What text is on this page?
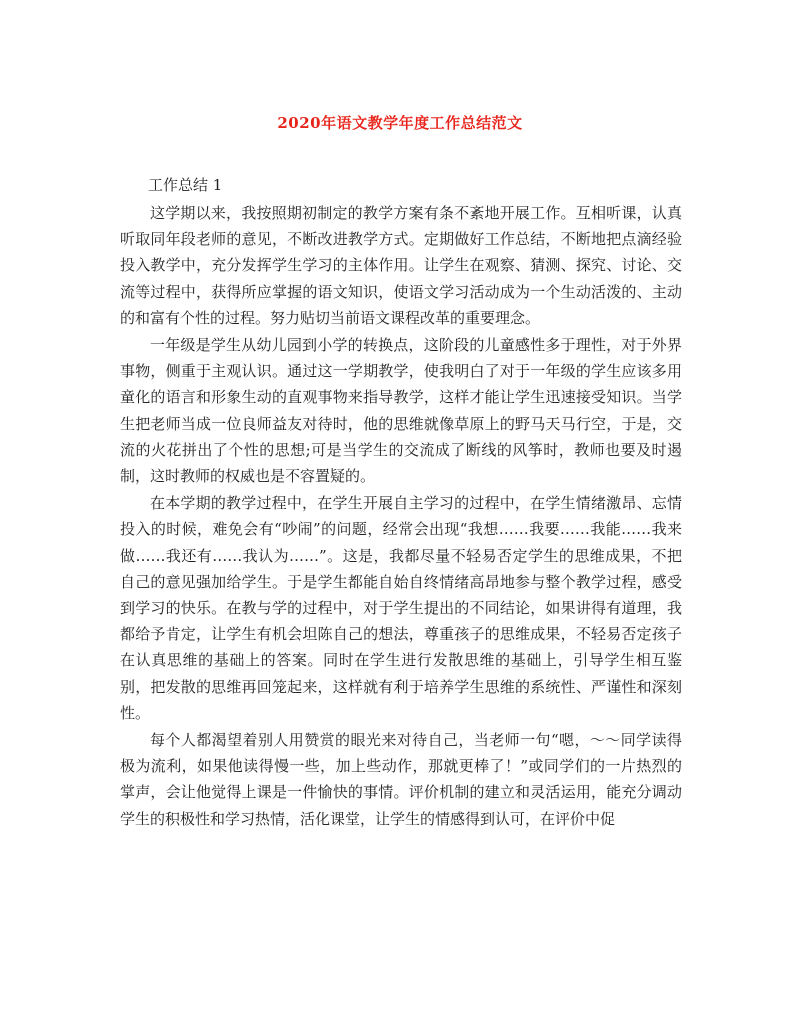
2020年语文教学年度工作总结范文
工作总结 1

这学期以来，我按照期初制定的教学方案有条不紊地开展工作。互相听课，认真听取同年段老师的意见，不断改进教学方式。定期做好工作总结，不断地把点滴经验投入教学中，充分发挥学生学习的主体作用。让学生在观察、猜测、探究、讨论、交流等过程中，获得所应掌握的语文知识，使语文学习活动成为一个生动活泼的、主动的和富有个性的过程。努力贴切当前语文课程改革的重要理念。

一年级是学生从幼儿园到小学的转换点，这阶段的儿童感性多于理性，对于外界事物，侧重于主观认识。通过这一学期教学，使我明白了对于一年级的学生应该多用童化的语言和形象生动的直观事物来指导教学，这样才能让学生迅速接受知识。当学生把老师当成一位良师益友对待时，他的思维就像草原上的野马天马行空，于是，交流的火花拼出了个性的思想;可是当学生的交流成了断线的风筝时，教师也要及时遏制，这时教师的权威也是不容置疑的。

在本学期的教学过程中，在学生开展自主学习的过程中，在学生情绪激昂、忘情投入的时候，难免会有“吵闹”的问题，经常会出现“我想……我要……我能……我来做……我还有……我认为……”。这是，我都尽量不轻易否定学生的思维成果，不把自己的意见强加给学生。于是学生都能自始自终情绪高昂地参与整个教学过程，感受到学习的快乐。在教与学的过程中，对于学生提出的不同结论，如果讲得有道理，我都给予肯定，让学生有机会坦陈自己的想法，尊重孩子的思维成果，不轻易否定孩子在认真思维的基础上的答案。同时在学生进行发散思维的基础上，引导学生相互鉴别，把发散的思维再回笼起来，这样就有利于培养学生思维的系统性、严谨性和深刻性。

每个人都渴望着别人用赞赏的眼光来对待自己，当老师一句“嗯，～～同学读得极为流利，如果他读得慢一些，加上些动作，那就更棒了！”或同学们的一片热烈的掌声，会让他觉得上课是一件愉快的事情。评价机制的建立和灵活运用，能充分调动学生的积极性和学习热情，活化课堂，让学生的情感得到认可，在评价中促
